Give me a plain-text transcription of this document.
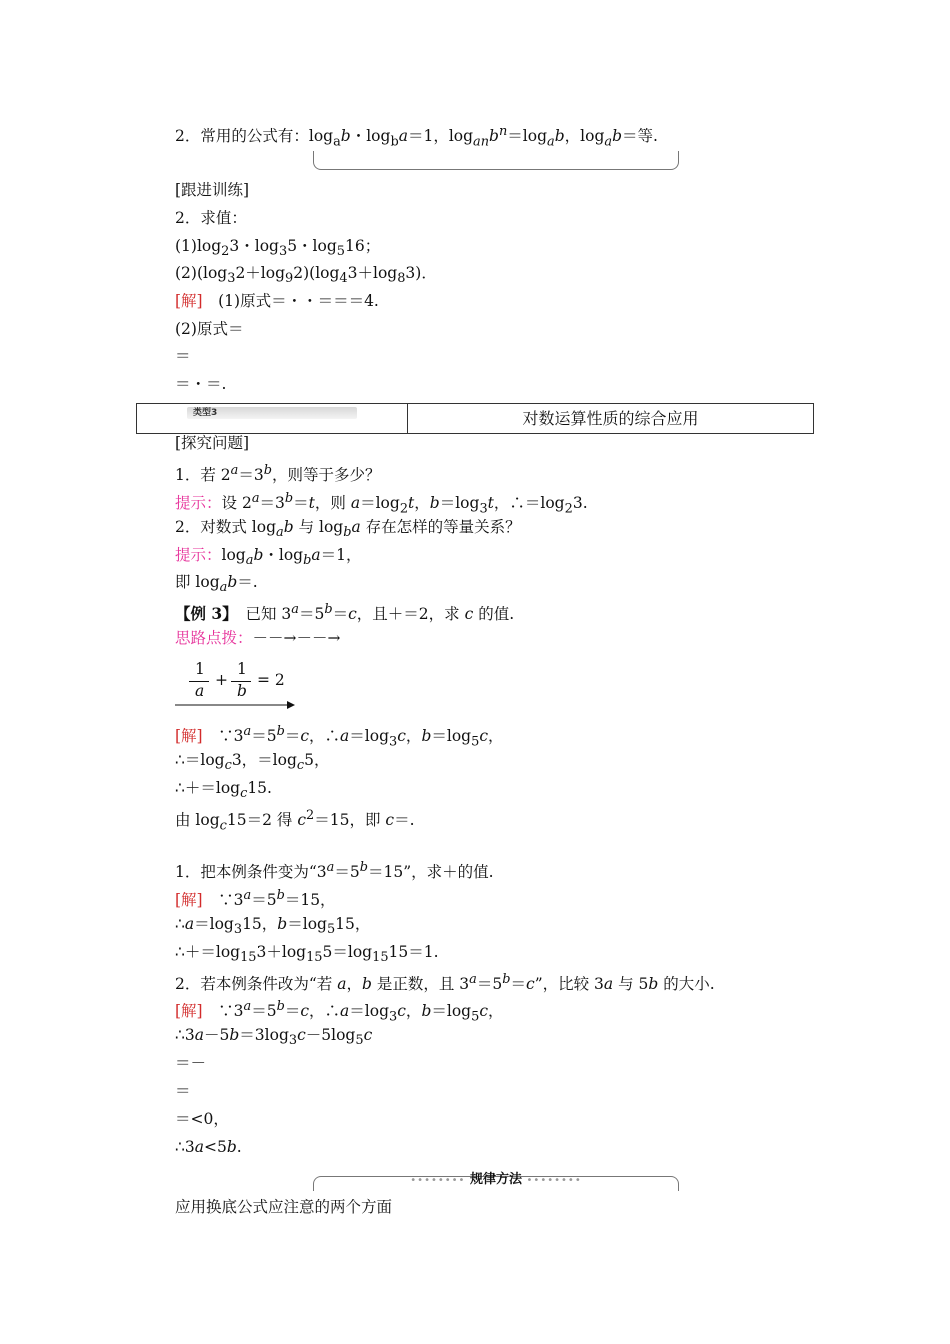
2．常用的公式有：$\log_ab$・$\log_ba=1$，$\log_{an}b^n=\log_ab$，$\log_ab=$等.
[跟进训练]
2．求值：
$(1)\log_23$・$\log_35$・$\log_516$；
$(2)(\log_32+\log_92)(\log_43+\log_83)$．
[解]　(1)原式＝・・＝＝＝4.
(2)原式＝
＝
＝・＝.
类型3	对数运算性质的综合应用
[探究问题]
1．若 $2^a=3^b$，则等于多少？
提示：设 $2^a=3^b=t$，则 $a=\log_2t$，$b=\log_3t$，$\therefore=\log_23$.
2．对数式 $\log_ab$ 与 $\log_ba$ 存在怎样的等量关系？
提示：$\log_ab$・$\log_ba=1$，
即 $\log_ab=$.
【例 3】　已知 $3^a=5^b=c$，且＋＝2，求 c 的值.
思路点拨：－－→－－→
1
a
+
1
b
= 2
[解]　$\because 3^a=5^b=c$，$\therefore a=\log_3c$，$b=\log_5c$，
$\therefore=\log_c3$，$=\log_c5$，
$\therefore+=\log_c15$.
由 $\log_c15=2$ 得 $c^2=15$，即 c＝.
1．把本例条件变为“$3^a=5^b=15$”，求＋的值.
[解]　$\because 3^a=5^b=15$，
$\therefore a=\log_315$，$b=\log_515$，
$\therefore+=\log_{15}3+\log_{15}5=\log_{15}15=1$.
2．若本例条件改为“若 a，b 是正数，且 $3^a=5^b=c$”，比较 3a 与 5b 的大小.
[解]　$\because 3^a=5^b=c$，$\therefore a=\log_3c$，$b=\log_5c$，
$\therefore 3a-5b=3\log_3c-5\log_5c$
＝－
＝
＝<0，
∴3a<5b.
•••••••• 规律方法 ••••••••
应用换底公式应注意的两个方面
